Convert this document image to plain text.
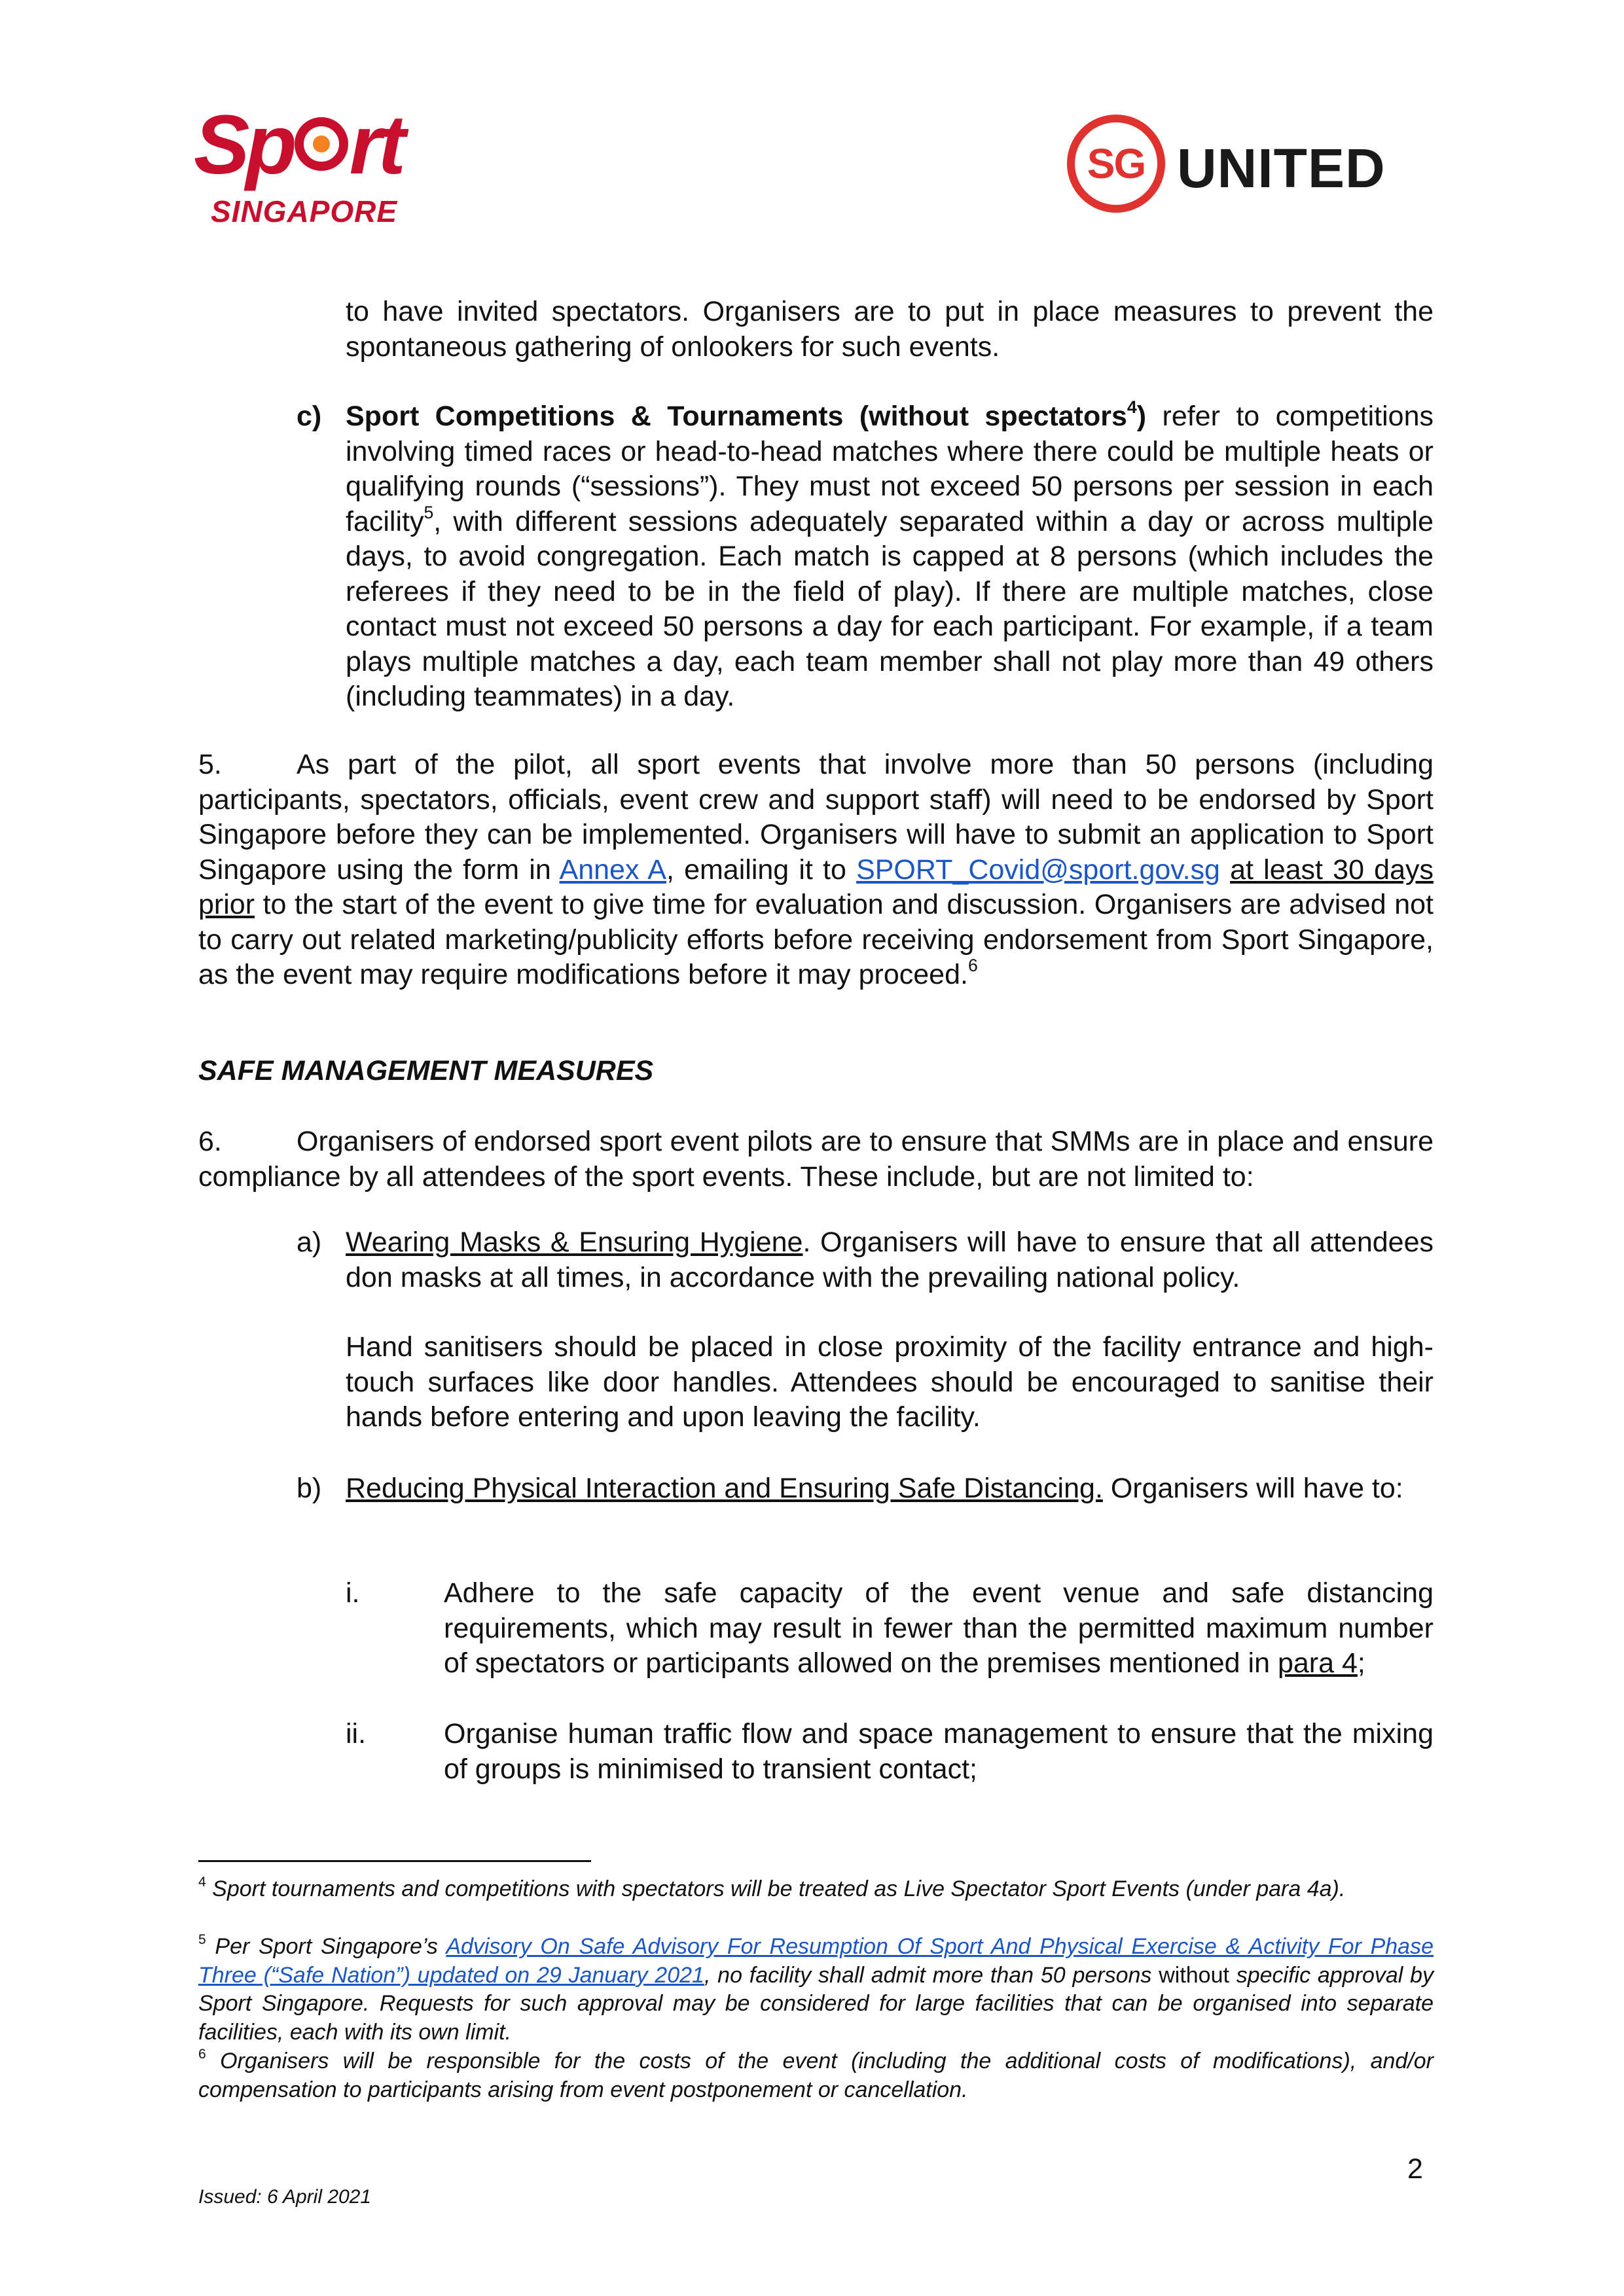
Sp rt
SINGAPORE
SG UNITED

to have invited spectators. Organisers are to put in place measures to prevent the

spontaneous gathering of onlookers for such events.

c) Sport Competitions & Tournaments (without spectators$^4$) refer to competitions involving timed races or head-to-head matches where there could be multiple heats or qualifying rounds (“sessions”). They must not exceed 50 persons per session in each facility$^5$, with different sessions adequately separated within a day or across multiple days, to avoid congregation. Each match is capped at 8 persons (which includes the referees if they need to be in the field of play). If there are multiple matches, close contact must not exceed 50 persons a day for each participant. For example, if a team plays multiple matches a day, each team member shall not play more than 49 others (including teammates) in a day.

5.	As part of the pilot, all sport events that involve more than 50 persons (including participants, spectators, officials, event crew and support staff) will need to be endorsed by Sport Singapore before they can be implemented. Organisers will have to submit an application to Sport Singapore using the form in Annex A, emailing it to SPORT_Covid@sport.gov.sg at least 30 days prior to the start of the event to give time for evaluation and discussion. Organisers are advised not to carry out related marketing/publicity efforts before receiving endorsement from Sport Singapore, as the event may require modifications before it may proceed.$^6$

SAFE MANAGEMENT MEASURES
6.	Organisers of endorsed sport event pilots are to ensure that SMMs are in place and ensure compliance by all attendees of the sport events. These include, but are not limited to:

a) Wearing Masks & Ensuring Hygiene. Organisers will have to ensure that all attendees don masks at all times, in accordance with the prevailing national policy.

Hand sanitisers should be placed in close proximity of the facility entrance and high-touch surfaces like door handles. Attendees should be encouraged to sanitise their hands before entering and upon leaving the facility.

b) Reducing Physical Interaction and Ensuring Safe Distancing. Organisers will have to:

i.	Adhere to the safe capacity of the event venue and safe distancing requirements, which may result in fewer than the permitted maximum number of spectators or participants allowed on the premises mentioned in para 4;

ii.	Organise human traffic flow and space management to ensure that the mixing of groups is minimised to transient contact;

$^4$ Sport tournaments and competitions with spectators will be treated as Live Spectator Sport Events (under para 4a).
$^5$ Per Sport Singapore’s Advisory On Safe Advisory For Resumption Of Sport And Physical Exercise & Activity For Phase Three (“Safe Nation”) updated on 29 January 2021, no facility shall admit more than 50 persons without specific approval by Sport Singapore. Requests for such approval may be considered for large facilities that can be organised into separate facilities, each with its own limit.
$^6$ Organisers will be responsible for the costs of the event (including the additional costs of modifications), and/or compensation to participants arising from event postponement or cancellation.
2
Issued: 6 April 2021
